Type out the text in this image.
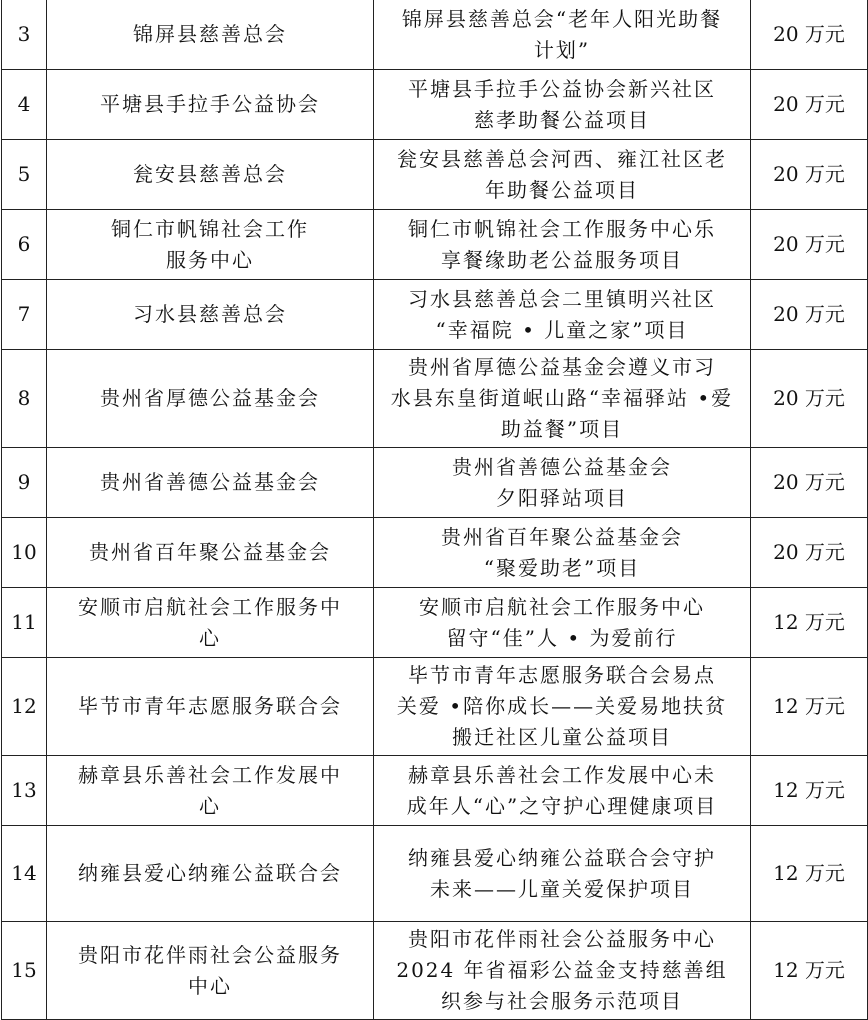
3	锦屏县慈善总会	锦屏县慈善总会“老年人阳光助餐
计划”	20 万元

4	平塘县手拉手公益协会	平塘县手拉手公益协会新兴社区
慈孝助餐公益项目	20 万元

5	瓮安县慈善总会	瓮安县慈善总会河西、雍江社区老
年助餐公益项目	20 万元

6	铜仁市帆锦社会工作
服务中心	铜仁市帆锦社会工作服务中心乐
享餐缘助老公益服务项目	20 万元

7	习水县慈善总会	习水县慈善总会二里镇明兴社区
“幸福院 • 儿童之家”项目	20 万元

8	贵州省厚德公益基金会	贵州省厚德公益基金会遵义市习
水县东皇街道岷山路“幸福驿站 •爱
助益餐”项目	20 万元

9	贵州省善德公益基金会	贵州省善德公益基金会
夕阳驿站项目	20 万元

10	贵州省百年聚公益基金会	贵州省百年聚公益基金会
“聚爱助老”项目	20 万元

11	安顺市启航社会工作服务中
心	安顺市启航社会工作服务中心
留守“佳”人 • 为爱前行	12 万元

12	毕节市青年志愿服务联合会	毕节市青年志愿服务联合会易点
关爱 •陪你成长——关爱易地扶贫
搬迁社区儿童公益项目	12 万元

13	赫章县乐善社会工作发展中
心	赫章县乐善社会工作发展中心未
成年人“心”之守护心理健康项目	12 万元

14	纳雍县爱心纳雍公益联合会	纳雍县爱心纳雍公益联合会守护
未来——儿童关爱保护项目	12 万元

15	贵阳市花伴雨社会公益服务
中心	贵阳市花伴雨社会公益服务中心
2024 年省福彩公益金支持慈善组
织参与社会服务示范项目	12 万元
